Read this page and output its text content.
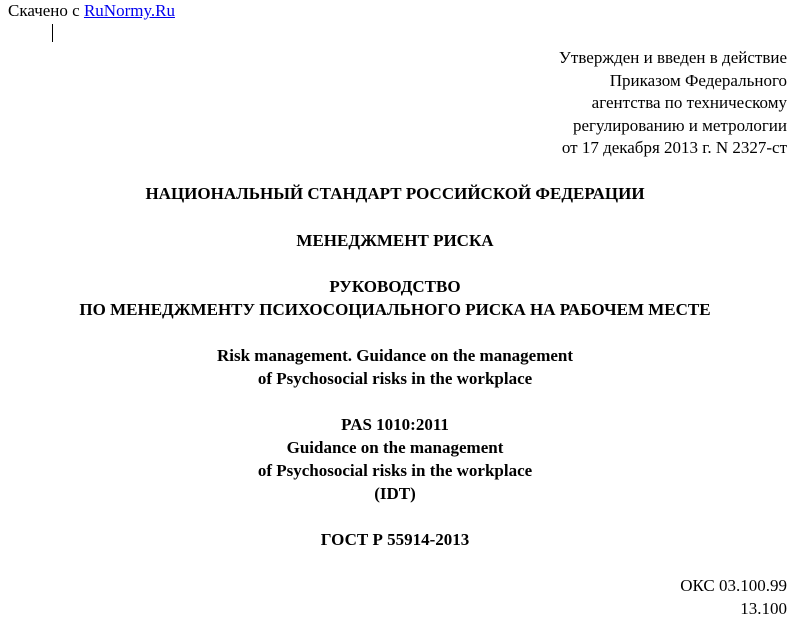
Скачено с RuNormy.Ru
Утвержден и введен в действие
Приказом Федерального
агентства по техническому
регулированию и метрологии
от 17 декабря 2013 г. N 2327-ст
НАЦИОНАЛЬНЫЙ СТАНДАРТ РОССИЙСКОЙ ФЕДЕРАЦИИ
МЕНЕДЖМЕНТ РИСКА
РУКОВОДСТВО
ПО МЕНЕДЖМЕНТУ ПСИХОСОЦИАЛЬНОГО РИСКА НА РАБОЧЕМ МЕСТЕ
Risk management. Guidance on the management
of Psychosocial risks in the workplace
PAS 1010:2011
Guidance on the management
of Psychosocial risks in the workplace
(IDT)
ГОСТ Р 55914-2013
ОКС 03.100.99
13.100
